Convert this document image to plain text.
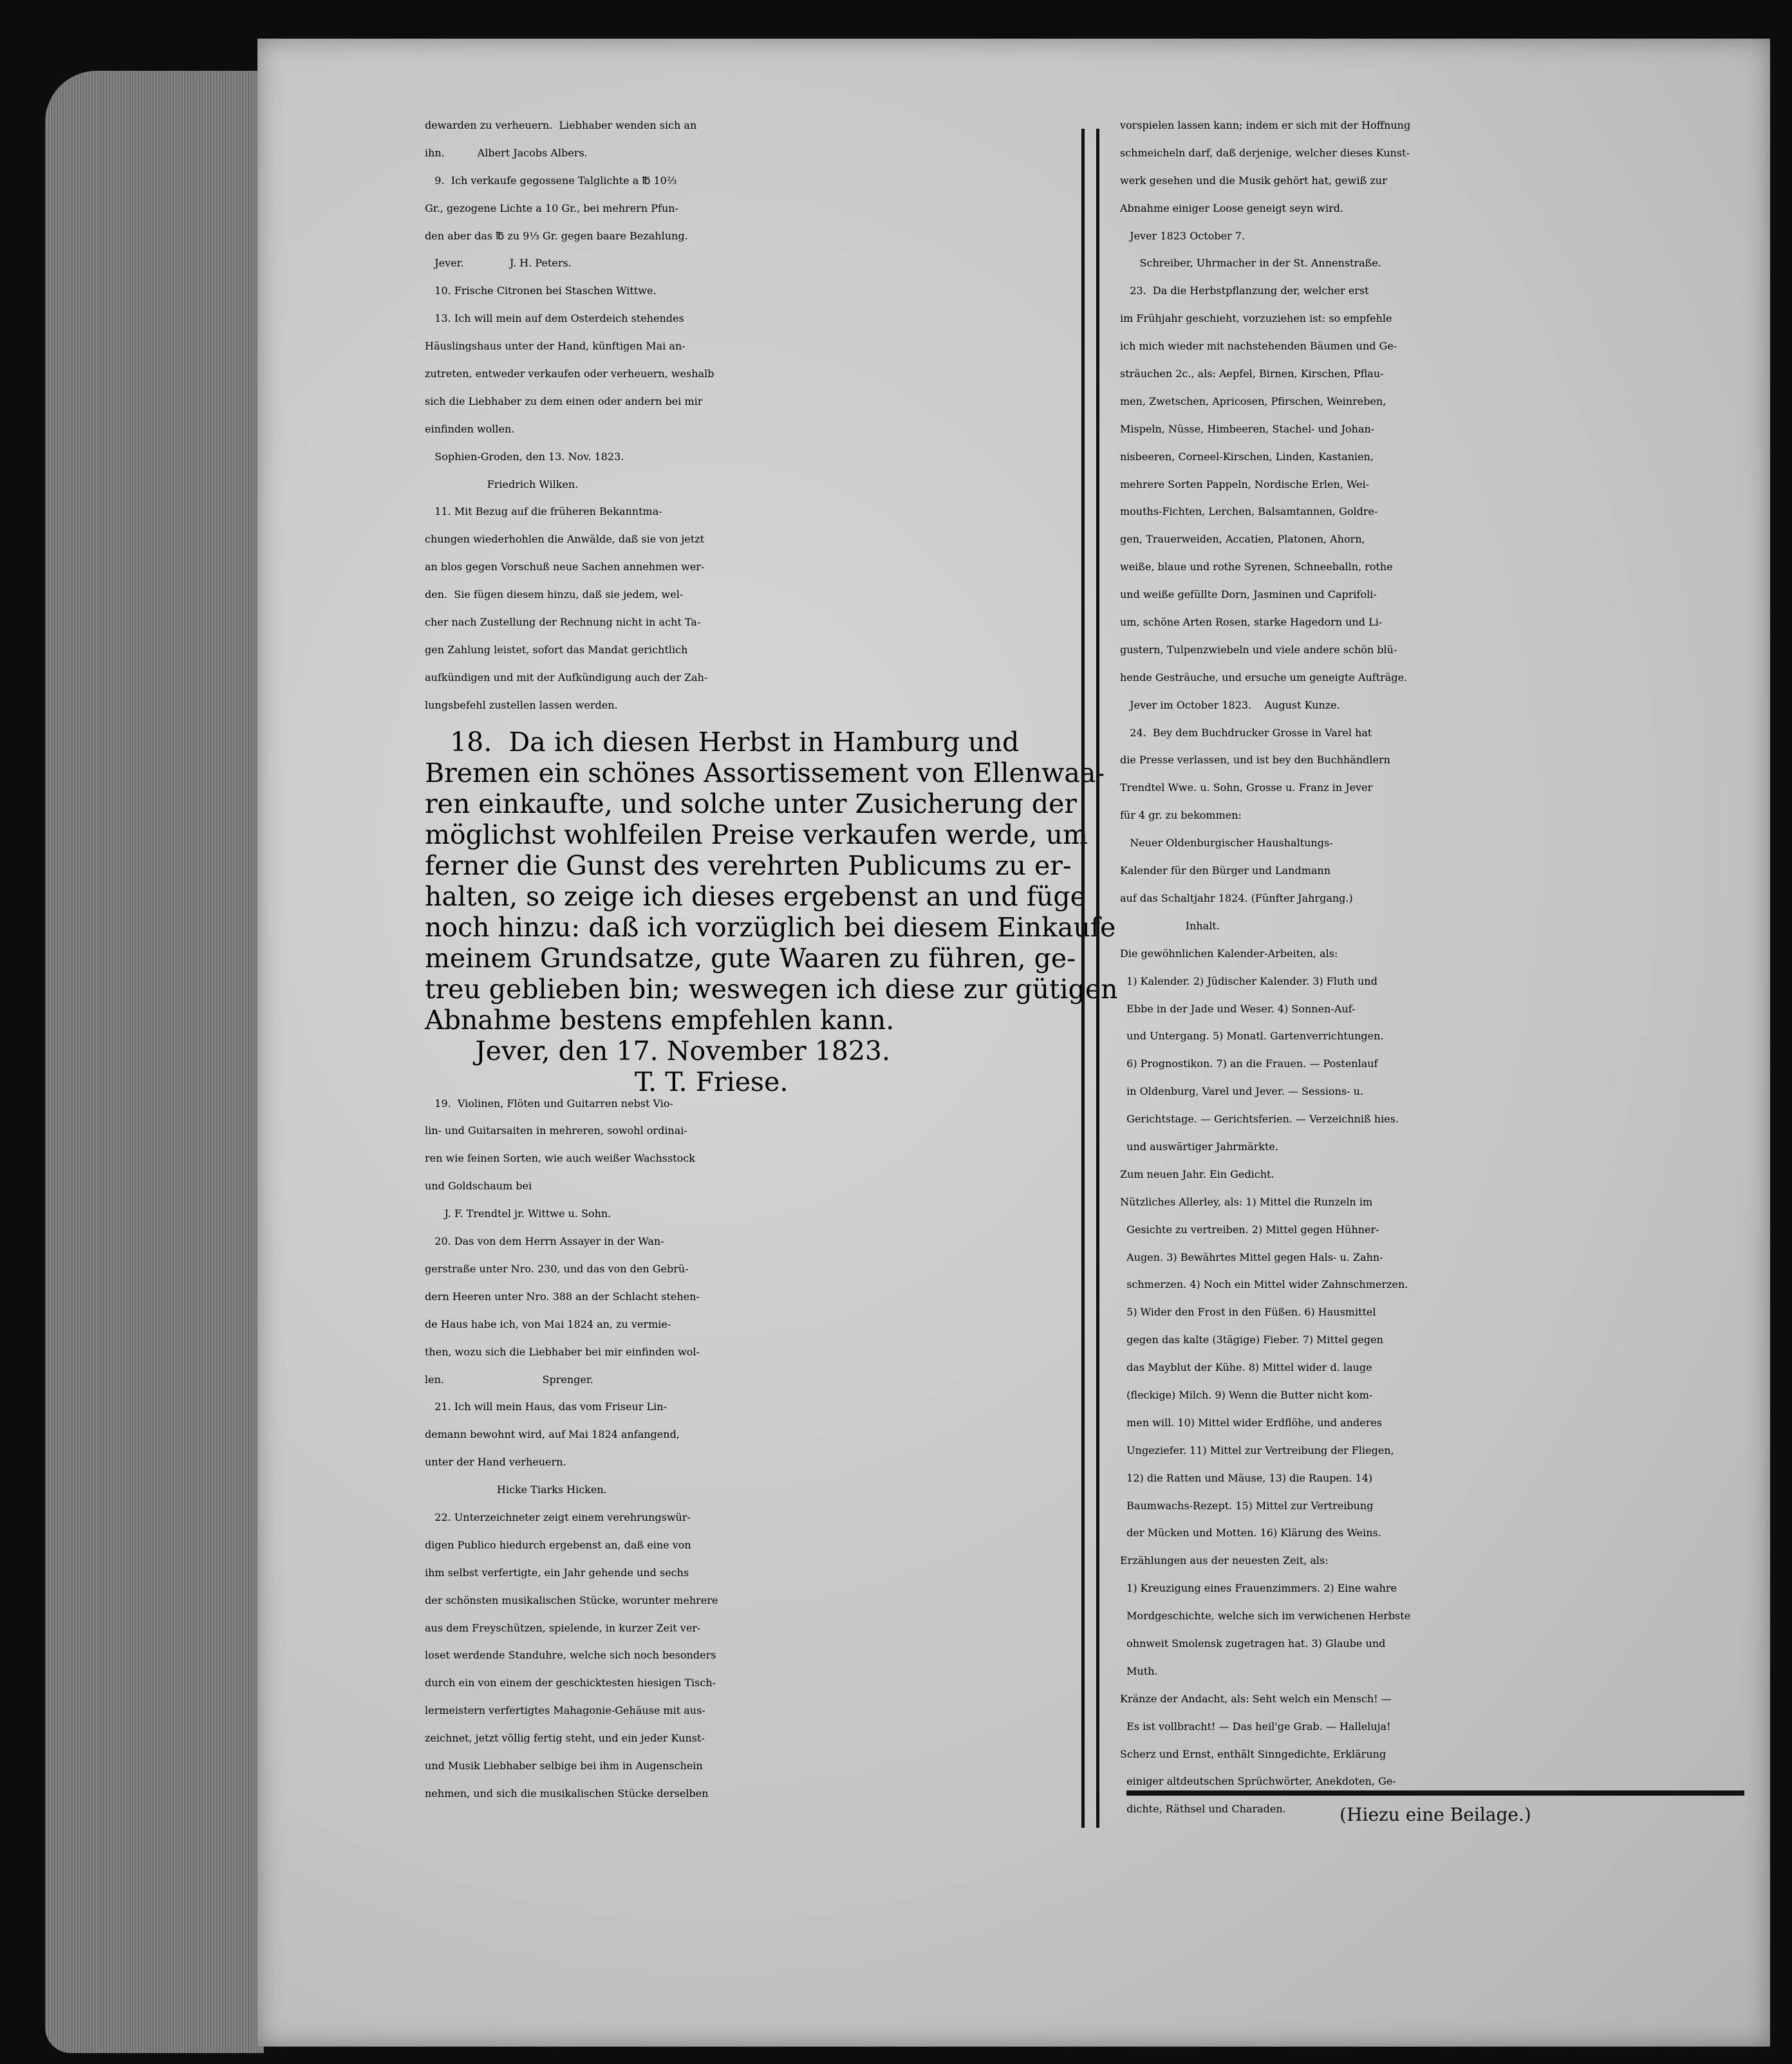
dewarden zu verheuern.  Liebhaber wenden sich an
ihn.          Albert Jacobs Albers.
9.  Ich verkaufe gegossene Talglichte a ℔ 10⅔
Gr., gezogene Lichte a 10 Gr., bei mehrern Pfun-
den aber das ℔ zu 9⅓ Gr. gegen baare Bezahlung.
Jever.              J. H. Peters.
10. Frische Citronen bei Staschen Wittwe.
13. Ich will mein auf dem Osterdeich stehendes
Häuslingshaus unter der Hand, künftigen Mai an-
zutreten, entweder verkaufen oder verheuern, weshalb
sich die Liebhaber zu dem einen oder andern bei mir
einfinden wollen.
Sophien-Groden, den 13. Nov. 1823.
Friedrich Wilken.
11. Mit Bezug auf die früheren Bekanntma-
chungen wiederhohlen die Anwälde, daß sie von jetzt
an blos gegen Vorschuß neue Sachen annehmen wer-
den.  Sie fügen diesem hinzu, daß sie jedem, wel-
cher nach Zustellung der Rechnung nicht in acht Ta-
gen Zahlung leistet, sofort das Mandat gerichtlich
aufkündigen und mit der Aufkündigung auch der Zah-
lungsbefehl zustellen lassen werden.
18.  Da ich diesen Herbst in Hamburg und
Bremen ein schönes Assortissement von Ellenwaa-
ren einkaufte, und solche unter Zusicherung der
möglichst wohlfeilen Preise verkaufen werde, um
ferner die Gunst des verehrten Publicums zu er-
halten, so zeige ich dieses ergebenst an und füge
noch hinzu: daß ich vorzüglich bei diesem Einkaufe
meinem Grundsatze, gute Waaren zu führen, ge-
treu geblieben bin; weswegen ich diese zur gütigen
Abnahme bestens empfehlen kann.
Jever, den 17. November 1823.
T. T. Friese.
19.  Violinen, Flöten und Guitarren nebst Vio-
lin- und Guitarsaiten in mehreren, sowohl ordinai-
ren wie feinen Sorten, wie auch weißer Wachsstock
und Goldschaum bei
J. F. Trendtel jr. Wittwe u. Sohn.
20. Das von dem Herrn Assayer in der Wan-
gerstraße unter Nro. 230, und das von den Gebrü-
dern Heeren unter Nro. 388 an der Schlacht stehen-
de Haus habe ich, von Mai 1824 an, zu vermie-
then, wozu sich die Liebhaber bei mir einfinden wol-
len.                              Sprenger.
21. Ich will mein Haus, das vom Friseur Lin-
demann bewohnt wird, auf Mai 1824 anfangend,
unter der Hand verheuern.
Hicke Tiarks Hicken.
22. Unterzeichneter zeigt einem verehrungswür-
digen Publico hiedurch ergebenst an, daß eine von
ihm selbst verfertigte, ein Jahr gehende und sechs
der schönsten musikalischen Stücke, worunter mehrere
aus dem Freyschützen, spielende, in kurzer Zeit ver-
loset werdende Standuhre, welche sich noch besonders
durch ein von einem der geschicktesten hiesigen Tisch-
lermeistern verfertigtes Mahagonie-Gehäuse mit aus-
zeichnet, jetzt völlig fertig steht, und ein jeder Kunst-
und Musik Liebhaber selbige bei ihm in Augenschein
nehmen, und sich die musikalischen Stücke derselben
vorspielen lassen kann; indem er sich mit der Hoffnung
schmeicheln darf, daß derjenige, welcher dieses Kunst-
werk gesehen und die Musik gehört hat, gewiß zur
Abnahme einiger Loose geneigt seyn wird.
Jever 1823 October 7.
Schreiber, Uhrmacher in der St. Annenstraße.
23.  Da die Herbstpflanzung der, welcher erst
im Frühjahr geschieht, vorzuziehen ist: so empfehle
ich mich wieder mit nachstehenden Bäumen und Ge-
sträuchen 2c., als: Aepfel, Birnen, Kirschen, Pflau-
men, Zwetschen, Apricosen, Pfirschen, Weinreben,
Mispeln, Nüsse, Himbeeren, Stachel- und Johan-
nisbeeren, Corneel-Kirschen, Linden, Kastanien,
mehrere Sorten Pappeln, Nordische Erlen, Wei-
mouths-Fichten, Lerchen, Balsamtannen, Goldre-
gen, Trauerweiden, Accatien, Platonen, Ahorn,
weiße, blaue und rothe Syrenen, Schneeballn, rothe
und weiße gefüllte Dorn, Jasminen und Caprifoli-
um, schöne Arten Rosen, starke Hagedorn und Li-
gustern, Tulpenzwiebeln und viele andere schön blü-
hende Gesträuche, und ersuche um geneigte Aufträge.
Jever im October 1823.    August Kunze.
24.  Bey dem Buchdrucker Grosse in Varel hat
die Presse verlassen, und ist bey den Buchhändlern
Trendtel Wwe. u. Sohn, Grosse u. Franz in Jever
für 4 gr. zu bekommen:
Neuer Oldenburgischer Haushaltungs-
Kalender für den Bürger und Landmann
auf das Schaltjahr 1824. (Fünfter Jahrgang.)
Inhalt.
Die gewöhnlichen Kalender-Arbeiten, als:
1) Kalender. 2) Jüdischer Kalender. 3) Fluth und
Ebbe in der Jade und Weser. 4) Sonnen-Auf-
und Untergang. 5) Monatl. Gartenverrichtungen.
6) Prognostikon. 7) an die Frauen. — Postenlauf
in Oldenburg, Varel und Jever. — Sessions- u.
Gerichtstage. — Gerichtsferien. — Verzeichniß hies.
und auswärtiger Jahrmärkte.
Zum neuen Jahr. Ein Gedicht.
Nützliches Allerley, als: 1) Mittel die Runzeln im
Gesichte zu vertreiben. 2) Mittel gegen Hühner-
Augen. 3) Bewährtes Mittel gegen Hals- u. Zahn-
schmerzen. 4) Noch ein Mittel wider Zahnschmerzen.
5) Wider den Frost in den Füßen. 6) Hausmittel
gegen das kalte (3tägige) Fieber. 7) Mittel gegen
das Mayblut der Kühe. 8) Mittel wider d. lauge
(fleckige) Milch. 9) Wenn die Butter nicht kom-
men will. 10) Mittel wider Erdflöhe, und anderes
Ungeziefer. 11) Mittel zur Vertreibung der Fliegen,
12) die Ratten und Mäuse, 13) die Raupen. 14)
Baumwachs-Rezept. 15) Mittel zur Vertreibung
der Mücken und Motten. 16) Klärung des Weins.
Erzählungen aus der neuesten Zeit, als:
1) Kreuzigung eines Frauenzimmers. 2) Eine wahre
Mordgeschichte, welche sich im verwichenen Herbste
ohnweit Smolensk zugetragen hat. 3) Glaube und
Muth.
Kränze der Andacht, als: Seht welch ein Mensch! —
Es ist vollbracht! — Das heil'ge Grab. — Halleluja!
Scherz und Ernst, enthält Sinngedichte, Erklärung
einiger altdeutschen Sprüchwörter, Anekdoten, Ge-
dichte, Räthsel und Charaden.	(Hiezu eine Beilage.)
